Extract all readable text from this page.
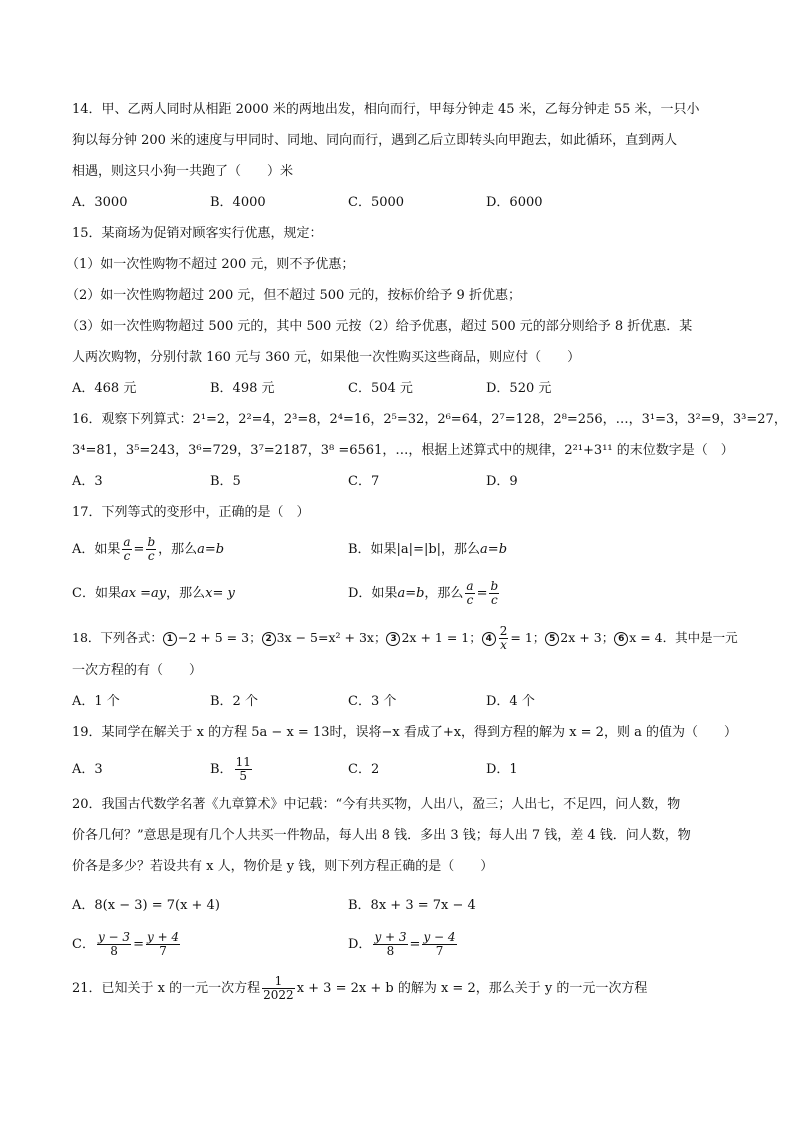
14．甲、乙两人同时从相距 2000 米的两地出发，相向而行，甲每分钟走 45 米，乙每分钟走 55 米，一只小
狗以每分钟 200 米的速度与甲同时、同地、同向而行，遇到乙后立即转头向甲跑去，如此循环，直到两人
相遇，则这只小狗一共跑了（　　）米
A．3000	B．4000	C．5000	D．6000
15．某商场为促销对顾客实行优惠，规定：
（1）如一次性购物不超过 200 元，则不予优惠；
（2）如一次性购物超过 200 元，但不超过 500 元的，按标价给予 9 折优惠；
（3）如一次性购物超过 500 元的，其中 500 元按（2）给予优惠，超过 500 元的部分则给予 8 折优惠．某
人两次购物，分别付款 160 元与 360 元，如果他一次性购买这些商品，则应付（　　）
A．468 元	B．498 元	C．504 元	D．520 元
16．观察下列算式：2¹=2，2²=4，2³=8，2⁴=16，2⁵=32，2⁶=64，2⁷=128，2⁸=256，…，3¹=3，3²=9，3³=27，
3⁴=81，3⁵=243，3⁶=729，3⁷=2187，3⁸ =6561，…，根据上述算式中的规律，2²¹+3¹¹ 的末位数字是（　）
A．3	B．5	C．7	D．9
17．下列等式的变形中，正确的是（　）
A．如果 $\frac{a}{c} = \frac{b}{c}$ ，那么a=b	B．如果|a|=|b|，那么a=b
C．如果ax =ay，那么x= y	D．如果a=b，那么 $\frac{a}{c} = \frac{b}{c}$
18．下列各式： 1 −2 + 5 = 3； 2 3x − 5=x² + 3x； 3 2x + 1 = 1； $4 \frac{2}{x} = 1$； 5 2x + 3； 6 x = 4．其中是一元
一次方程的有（　　）
A．1 个	B．2 个	C．3 个	D．4 个
19．某同学在解关于 x 的方程 5a − x = 13时，误将−x 看成了+x，得到方程的解为 x = 2，则 a 的值为（　　）
A．3	B． $\frac{11}{5}$	C．2	D．1
20．我国古代数学名著《九章算术》中记载：“今有共买物，人出八，盈三；人出七，不足四，问人数，物
价各几何？”意思是现有几个人共买一件物品，每人出 8 钱．多出 3 钱；每人出 7 钱，差 4 钱．问人数，物
价各是多少？若设共有 x 人，物价是 y 钱，则下列方程正确的是（　　）
A．8(x − 3) = 7(x + 4)	B．8x + 3 = 7x − 4
C． $\frac{y - 3}{8} = \frac{y + 4}{7}$	D． $\frac{y + 3}{8} = \frac{y - 4}{7}$
21．已知关于 x 的一元一次方程 $\frac{1}{2022}$ x + 3 = 2x + b 的解为 x = 2，那么关于 y 的一元一次方程
